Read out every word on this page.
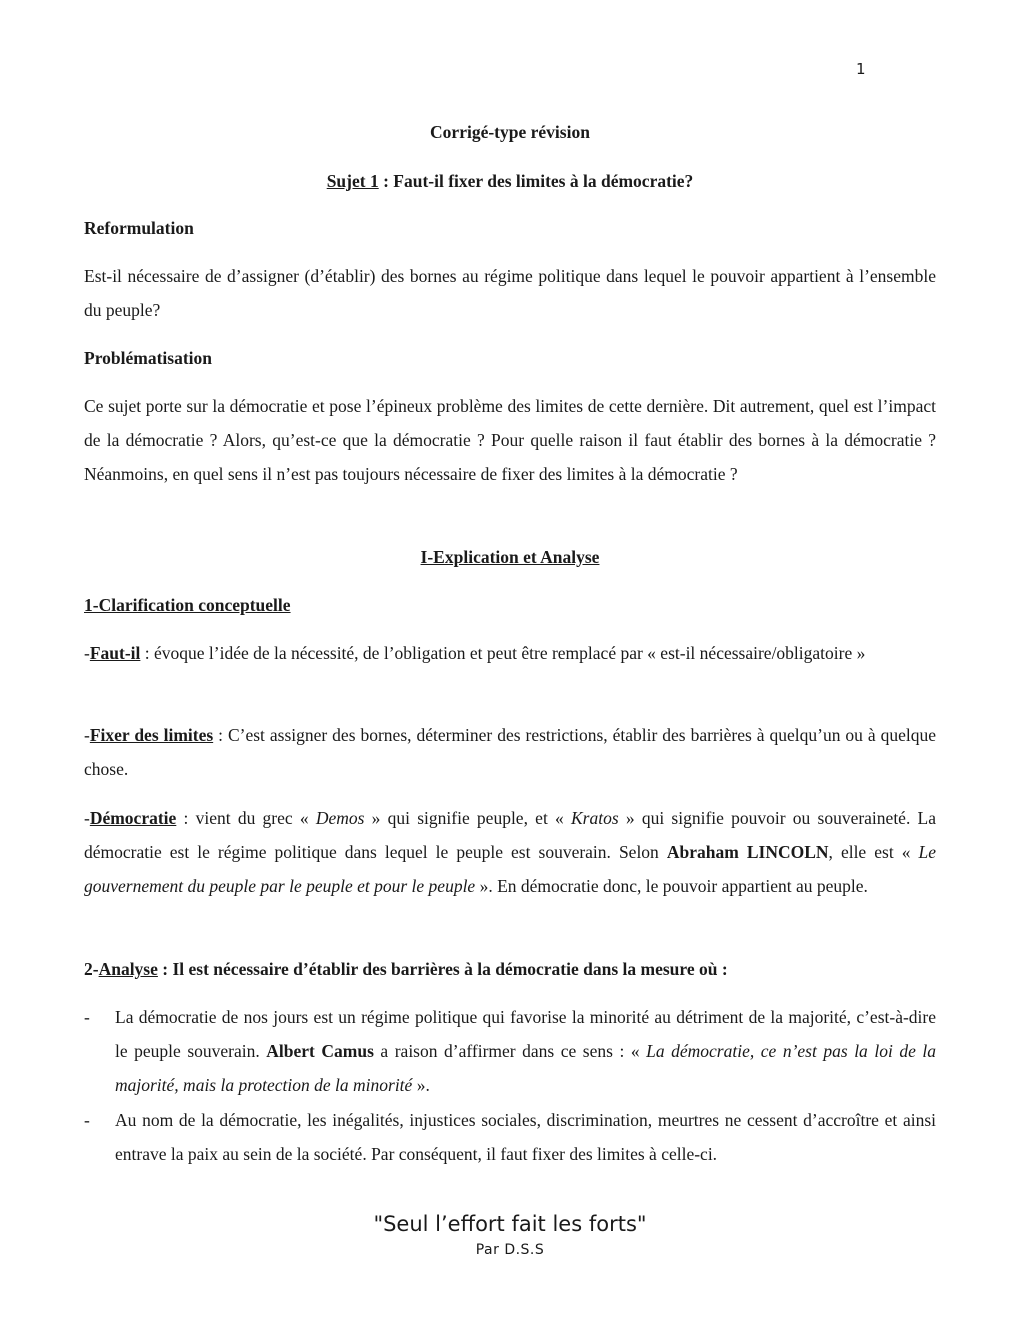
1
Corrigé-type révision
Sujet 1 : Faut-il fixer des limites à la démocratie?
Reformulation

Est-il nécessaire de d’assigner (d’établir) des bornes au régime politique dans lequel le pouvoir appartient à l’ensemble du peuple?

Problématisation

Ce sujet porte sur la démocratie et pose l’épineux problème des limites de cette dernière. Dit autrement, quel est l’impact de la démocratie ? Alors, qu’est-ce que la démocratie ? Pour quelle raison il faut établir des bornes à la démocratie ? Néanmoins, en quel sens il n’est pas toujours nécessaire de fixer des limites à la démocratie ?

I-Explication et Analyse
1-Clarification conceptuelle

-Faut-il : évoque l’idée de la nécessité, de l’obligation et peut être remplacé par « est-il nécessaire/obligatoire »

-Fixer des limites : C’est assigner des bornes, déterminer des restrictions, établir des barrières à quelqu’un ou à quelque chose.

-Démocratie : vient du grec « Demos » qui signifie peuple, et « Kratos » qui signifie pouvoir ou souveraineté. La démocratie est le régime politique dans lequel le peuple est souverain. Selon Abraham LINCOLN, elle est « Le gouvernement du peuple par le peuple et pour le peuple ». En démocratie donc, le pouvoir appartient au peuple.

2-Analyse : Il est nécessaire d’établir des barrières à la démocratie dans la mesure où :
- La démocratie de nos jours est un régime politique qui favorise la minorité au détriment de la majorité, c’est-à-dire le peuple souverain. Albert Camus a raison d’affirmer dans ce sens : « La démocratie, ce n’est pas la loi de la majorité, mais la protection de la minorité ».

- Au nom de la démocratie, les inégalités, injustices sociales, discrimination, meurtres ne cessent d’accroître et ainsi entrave la paix au sein de la société. Par conséquent, il faut fixer des limites à celle-ci.

"Seul l’effort fait les forts"
Par D.S.S
